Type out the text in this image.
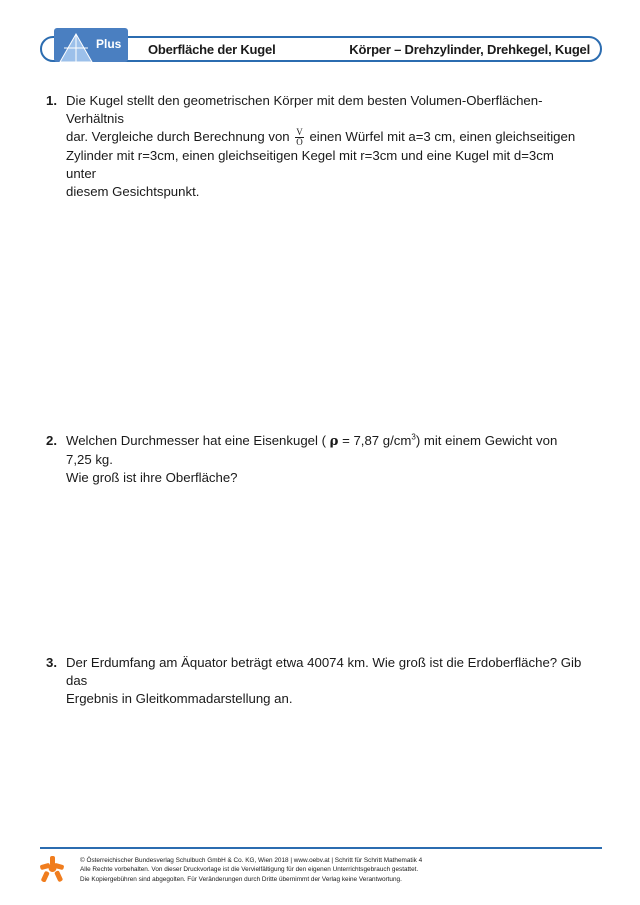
Plus Oberfläche der Kugel	Körper – Drehzylinder, Drehkegel, Kugel
1. Die Kugel stellt den geometrischen Körper mit dem besten Volumen-Oberflächen-Verhältnis
dar. Vergleiche durch Berechnung von $\frac{V}{O}$ einen Würfel mit a=3 cm, einen gleichseitigen
Zylinder mit r=3cm, einen gleichseitigen Kegel mit r=3cm und eine Kugel mit d=3cm unter
diesem Gesichtspunkt.
2. Welchen Durchmesser hat eine Eisenkugel ( ρ = 7,87 $g/cm^3$) mit einem Gewicht von 7,25 kg.
Wie groß ist ihre Oberfläche?
3. Der Erdumfang am Äquator beträgt etwa 40074 km. Wie groß ist die Erdoberfläche? Gib das
Ergebnis in Gleitkommadarstellung an.
© Österreichischer Bundesverlag Schulbuch GmbH & Co. KG, Wien 2018 | www.oebv.at | Schritt für Schritt Mathematik 4
Alle Rechte vorbehalten. Von dieser Druckvorlage ist die Vervielfältigung für den eigenen Unterrichtsgebrauch gestattet.
Die Kopiergebühren sind abgegolten. Für Veränderungen durch Dritte übernimmt der Verlag keine Verantwortung.
